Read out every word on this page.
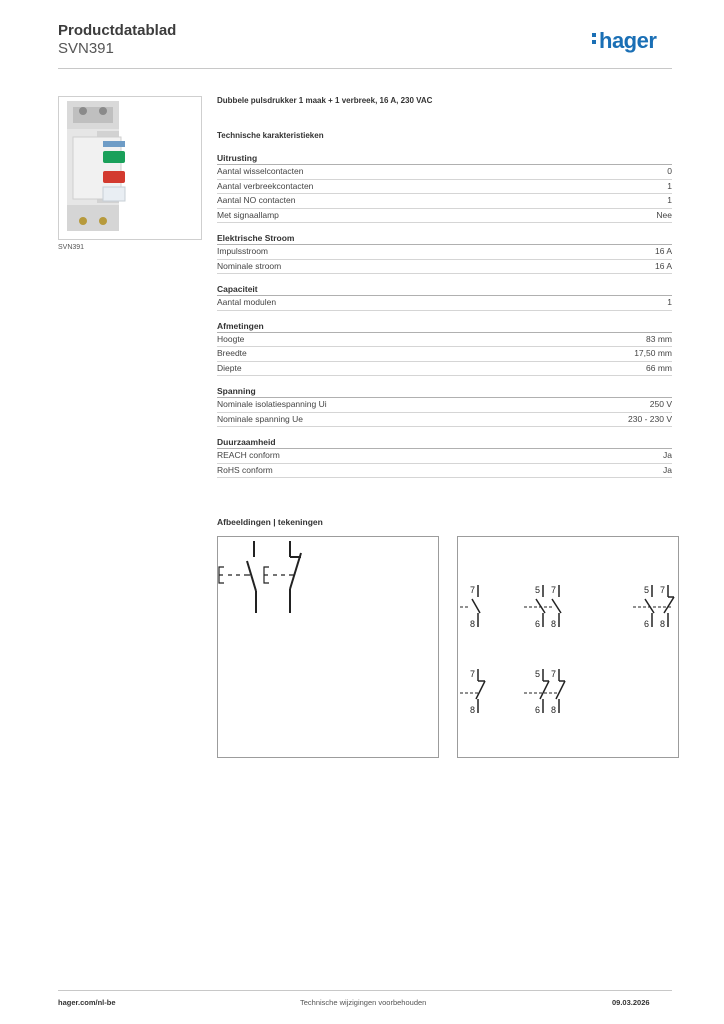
Productdatablad
SVN391	hager
SVN391
Dubbele pulsdrukker 1 maak + 1 verbreek, 16 A, 230 VAC
Technische karakteristieken
Uitrusting
Aantal wisselcontacten	0
Aantal verbreekcontacten	1
Aantal NO contacten	1
Met signaallamp	Nee
Elektrische Stroom
Impulsstroom	16 A
Nominale stroom	16 A
Capaciteit
Aantal modulen	1
Afmetingen
Hoogte	83 mm
Breedte	17,50 mm
Diepte	66 mm
Spanning
Nominale isolatiespanning Ui	250 V
Nominale spanning Ue	230 - 230 V
Duurzaamheid
REACH conform	Ja
RoHS conform	Ja
Afbeeldingen | tekeningen
7
8
5
6
7
8
5
6
7
8
7
8
5
6
7
8
hager.com/nl-be	Technische wijzigingen voorbehouden	09.03.2026
